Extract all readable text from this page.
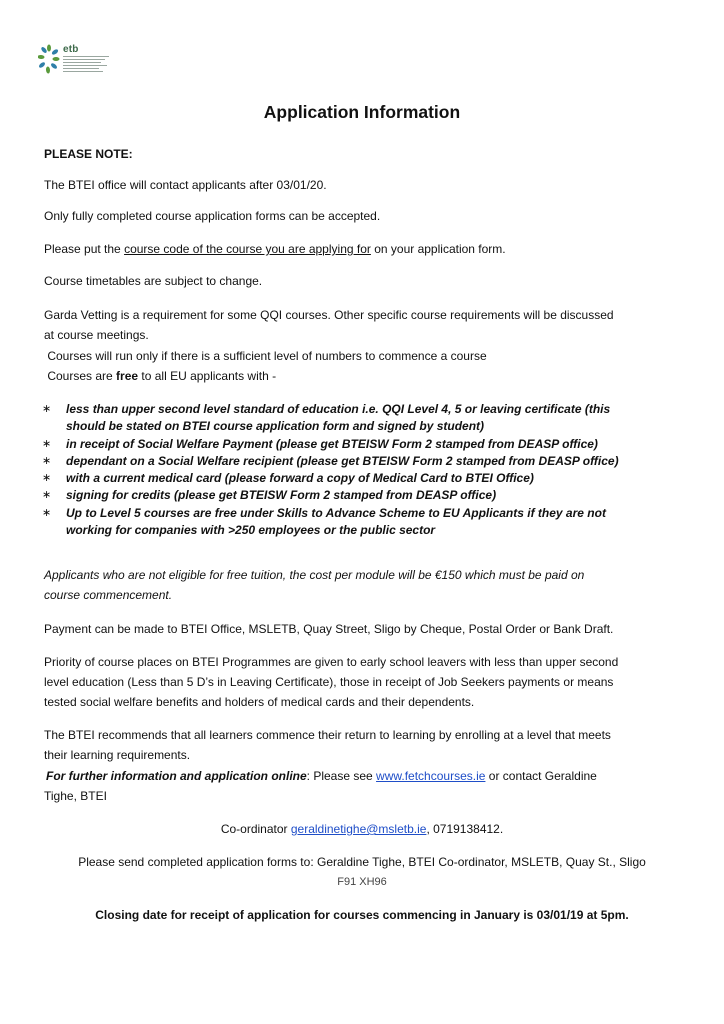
etb
Application Information

PLEASE NOTE:

The BTEI office will contact applicants after 03/01/20.

Only fully completed course application forms can be accepted.

Please put the course code of the course you are applying for on your application form.

Course timetables are subject to change.

Garda Vetting is a requirement for some QQI courses. Other specific course requirements will be discussed

at course meetings.

Courses will run only if there is a sufficient level of numbers to commence a course

Courses are free to all EU applicants with -

∗ less than upper second level standard of education i.e. QQI Level 4, 5 or leaving certificate (this
should be stated on BTEI course application form and signed by student)
∗ in receipt of Social Welfare Payment (please get BTEISW Form 2 stamped from DEASP office)
∗ dependant on a Social Welfare recipient (please get BTEISW Form 2 stamped from DEASP office)
∗ with a current medical card (please forward a copy of Medical Card to BTEI Office)
∗ signing for credits (please get BTEISW Form 2 stamped from DEASP office)
∗ Up to Level 5 courses are free under Skills to Advance Scheme to EU Applicants if they are not
working for companies with >250 employees or the public sector

Applicants who are not eligible for free tuition, the cost per module will be €150 which must be paid on

course commencement.

Payment can be made to BTEI Office, MSLETB, Quay Street, Sligo by Cheque, Postal Order or Bank Draft.

Priority of course places on BTEI Programmes are given to early school leavers with less than upper second

level education (Less than 5 D’s in Leaving Certificate), those in receipt of Job Seekers payments or means

tested social welfare benefits and holders of medical cards and their dependents.

The BTEI recommends that all learners commence their return to learning by enrolling at a level that meets

their learning requirements.

For further information and application online: Please see www.fetchcourses.ie or contact Geraldine

Tighe, BTEI

Co-ordinator geraldinetighe@msletb.ie, 0719138412.

Please send completed application forms to: Geraldine Tighe, BTEI Co-ordinator, MSLETB, Quay St., Sligo

F91 XH96

Closing date for receipt of application for courses commencing in January is 03/01/19 at 5pm.
